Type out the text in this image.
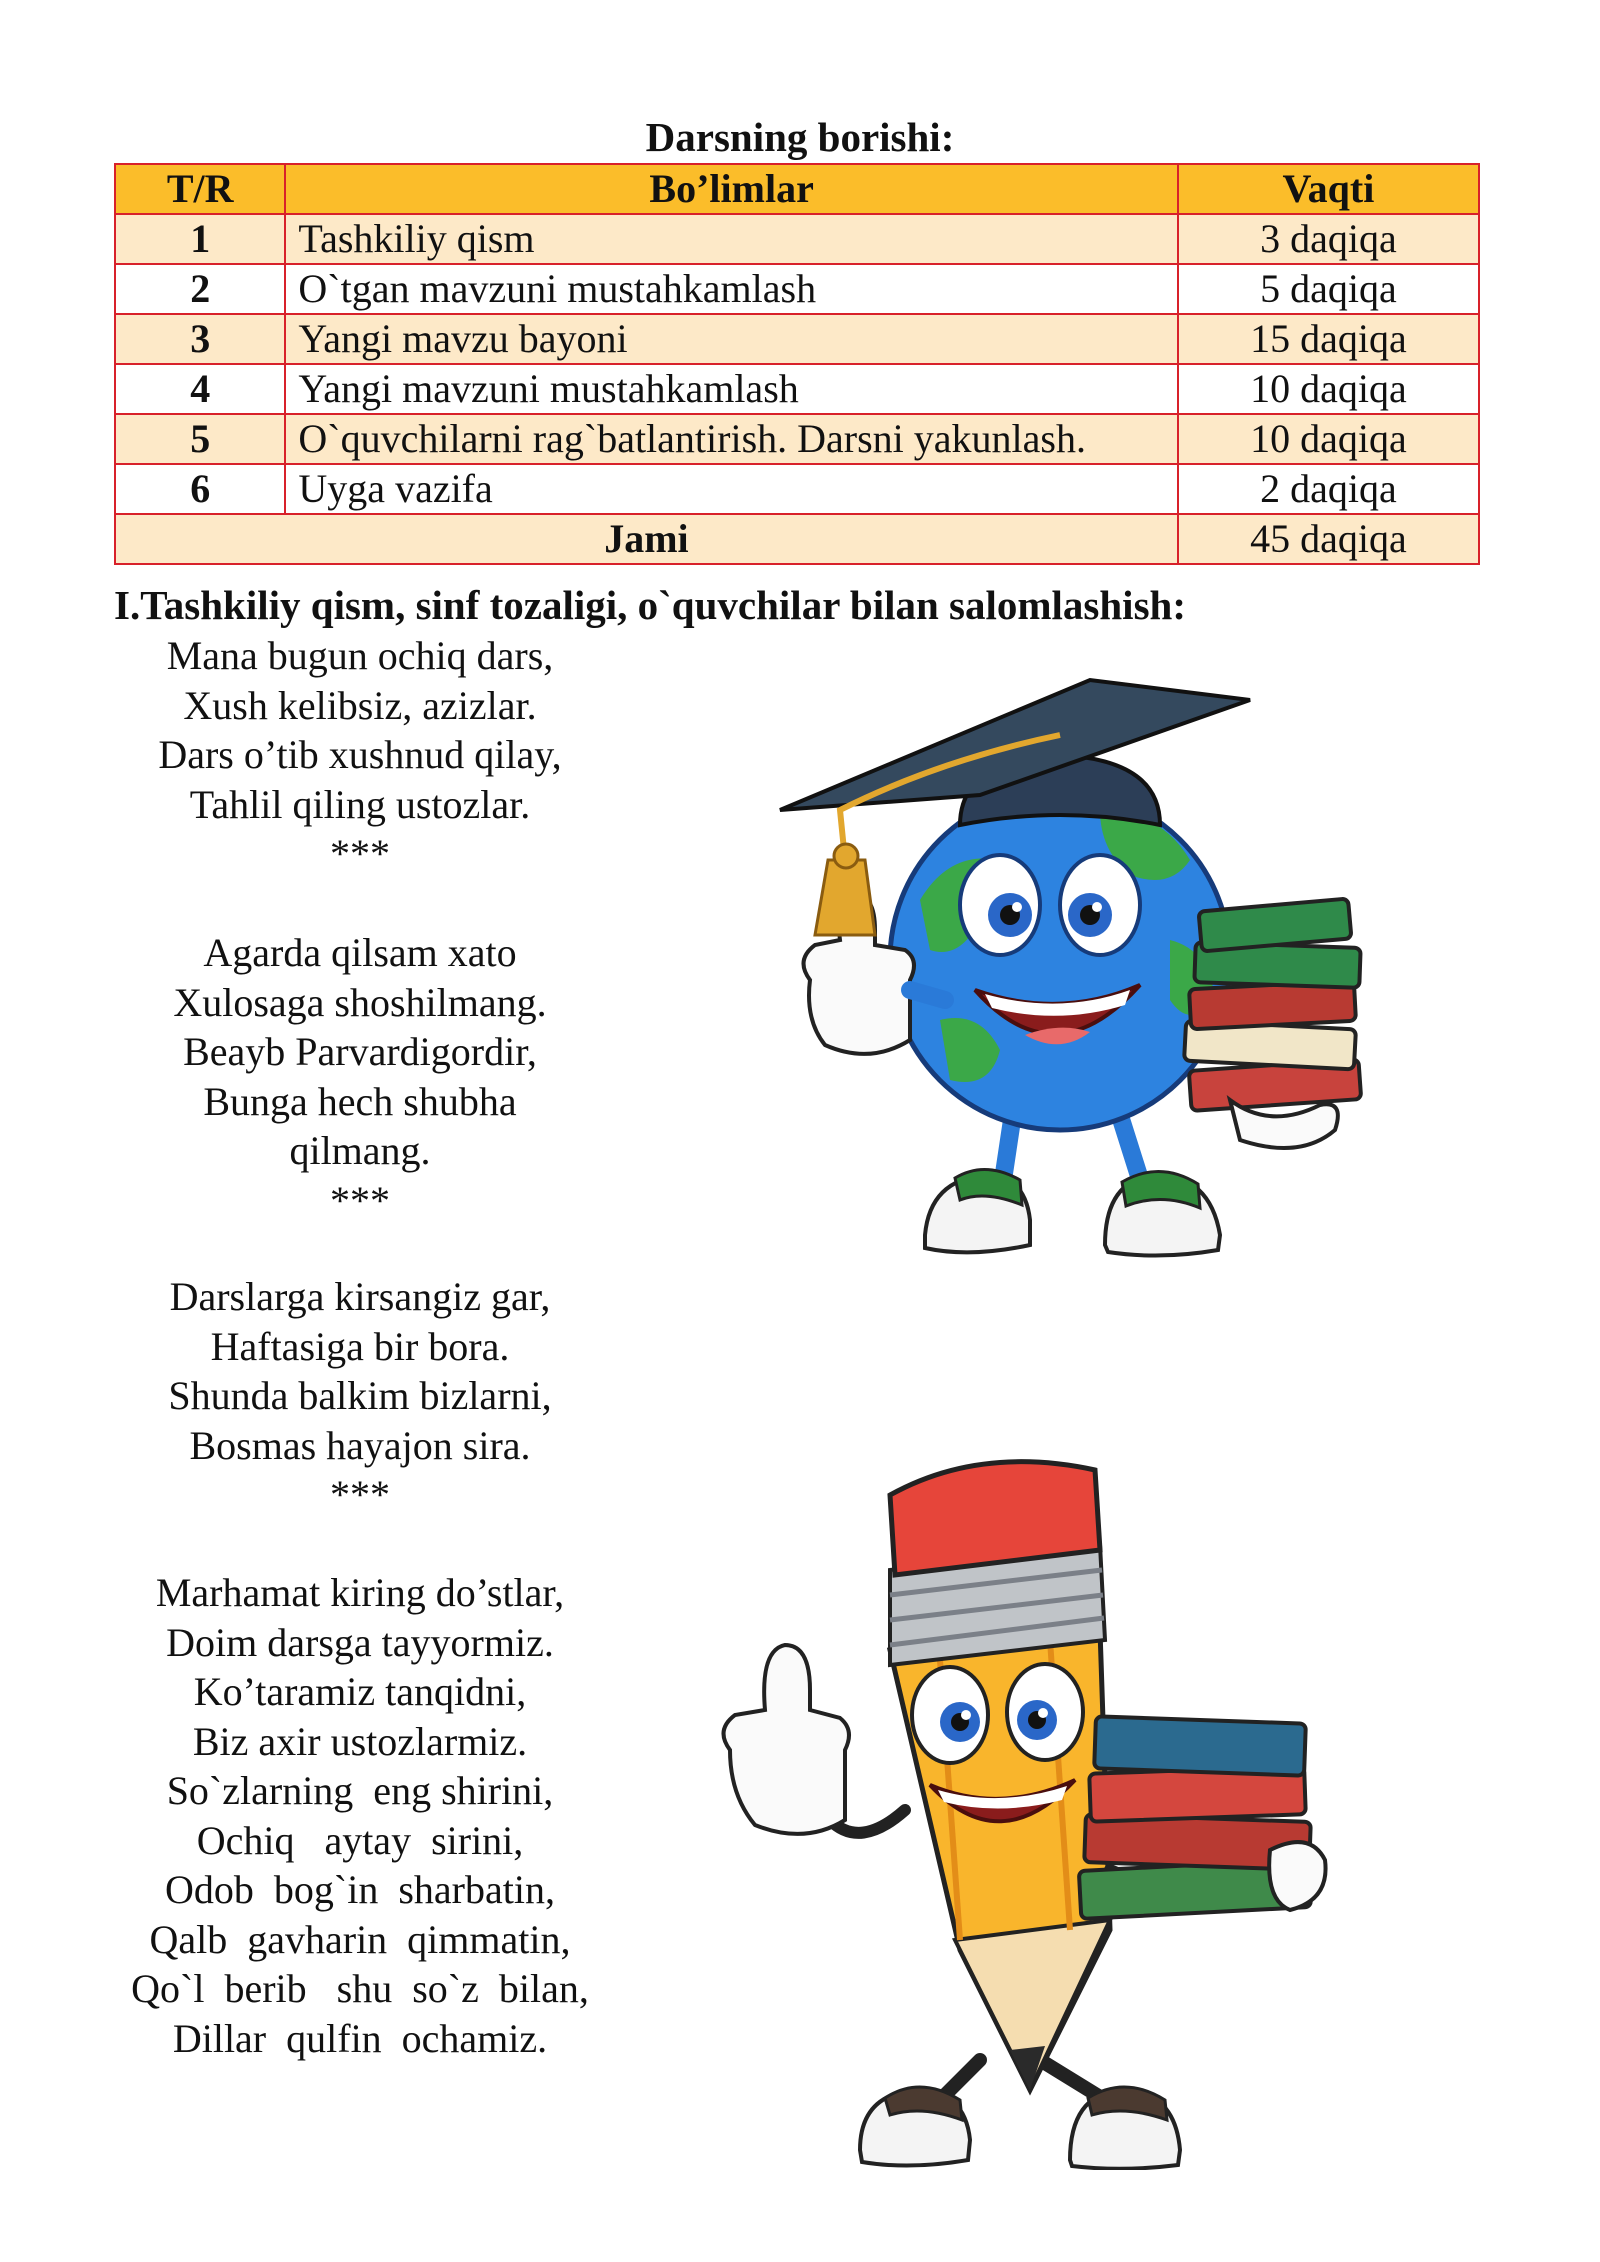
Darsning borishi:
T/R	Bo’limlar	Vaqti
1	Tashkiliy qism	3 daqiqa
2	O`tgan mavzuni mustahkamlash	5 daqiqa
3	Yangi mavzu bayoni	15 daqiqa
4	Yangi mavzuni mustahkamlash	10 daqiqa
5	O`quvchilarni rag`batlantirish. Darsni yakunlash.	10 daqiqa
6	Uyga vazifa	2 daqiqa
Jami		45 daqiqa
I.Tashkiliy qism, sinf tozaligi, o`quvchilar bilan salomlashish:
Mana bugun ochiq dars,
Xush kelibsiz, azizlar.
Dars o’tib xushnud qilay,
Tahlil qiling ustozlar.
***
Agarda qilsam xato
Xulosaga shoshilmang.
Beayb Parvardigordir,
Bunga hech shubha
qilmang.
***
Darslarga kirsangiz gar,
Haftasiga bir bora.
Shunda balkim bizlarni,
Bosmas hayajon sira.
***
Marhamat kiring do’stlar,
Doim darsga tayyormiz.
Ko’taramiz tanqidni,
Biz axir ustozlarmiz.
So`zlarning  eng shirini,
Ochiq   aytay  sirini,
Odob  bog`in  sharbatin,
Qalb  gavharin  qimmatin,
Qo`l  berib   shu  so`z  bilan,
Dillar  qulfin  ochamiz.
